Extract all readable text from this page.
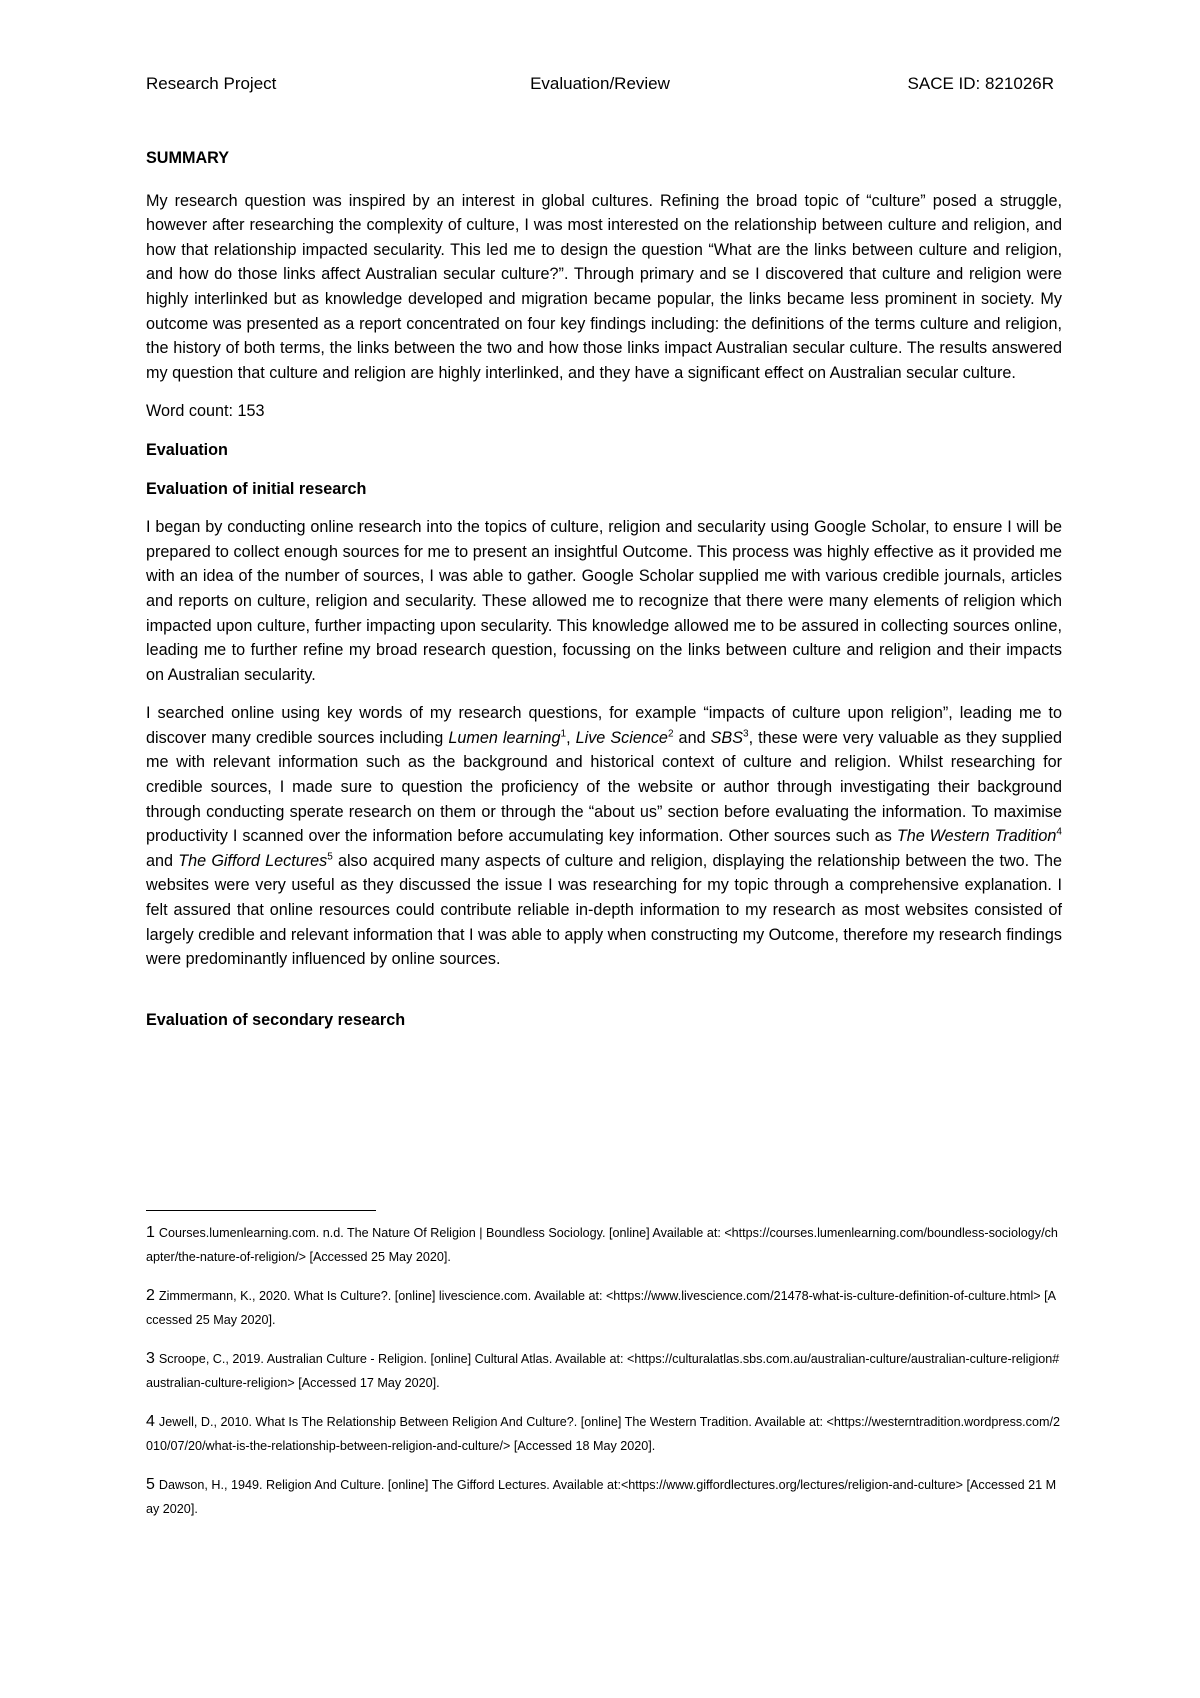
Research Project	Evaluation/Review	SACE ID: 821026R

SUMMARY

My research question was inspired by an interest in global cultures. Refining the broad topic of “culture” posed a struggle, however after researching the complexity of culture, I was most interested on the relationship between culture and religion, and how that relationship impacted secularity. This led me to design the question “What are the links between culture and religion, and how do those links affect Australian secular culture?”. Through primary and se I discovered that culture and religion were highly interlinked but as knowledge developed and migration became popular, the links became less prominent in society. My outcome was presented as a report concentrated on four key findings including: the definitions of the terms culture and religion, the history of both terms, the links between the two and how those links impact Australian secular culture. The results answered my question that culture and religion are highly interlinked, and they have a significant effect on Australian secular culture.

Word count: 153

Evaluation

Evaluation of initial research

I began by conducting online research into the topics of culture, religion and secularity using Google Scholar, to ensure I will be prepared to collect enough sources for me to present an insightful Outcome. This process was highly effective as it provided me with an idea of the number of sources, I was able to gather. Google Scholar supplied me with various credible journals, articles and reports on culture, religion and secularity. These allowed me to recognize that there were many elements of religion which impacted upon culture, further impacting upon secularity. This knowledge allowed me to be assured in collecting sources online, leading me to further refine my broad research question, focussing on the links between culture and religion and their impacts on Australian secularity.

I searched online using key words of my research questions, for example “impacts of culture upon religion”, leading me to discover many credible sources including Lumen learning$^1$, Live Science$^2$ and SBS$^3$, these were very valuable as they supplied me with relevant information such as the background and historical context of culture and religion. Whilst researching for credible sources, I made sure to question the proficiency of the website or author through investigating their background through conducting sperate research on them or through the “about us” section before evaluating the information. To maximise productivity I scanned over the information before accumulating key information. Other sources such as The Western Tradition$^4$ and The Gifford Lectures$^5$ also acquired many aspects of culture and religion, displaying the relationship between the two. The websites were very useful as they discussed the issue I was researching for my topic through a comprehensive explanation. I felt assured that online resources could contribute reliable in-depth information to my research as most websites consisted of largely credible and relevant information that I was able to apply when constructing my Outcome, therefore my research findings were predominantly influenced by online sources.

Evaluation of secondary research

1 Courses.lumenlearning.com. n.d. The Nature Of Religion | Boundless Sociology. [online] Available at: <https://courses.lumenlearning.com/boundless-sociology/chapter/the-nature-of-religion/> [Accessed 25 May 2020].

2 Zimmermann, K., 2020. What Is Culture?. [online] livescience.com. Available at: <https://www.livescience.com/21478-what-is-culture-definition-of-culture.html> [Accessed 25 May 2020].

3 Scroope, C., 2019. Australian Culture - Religion. [online] Cultural Atlas. Available at: <https://culturalatlas.sbs.com.au/australian-culture/australian-culture-religion#australian-culture-religion> [Accessed 17 May 2020].

4 Jewell, D., 2010. What Is The Relationship Between Religion And Culture?. [online] The Western Tradition. Available at: <https://westerntradition.wordpress.com/2010/07/20/what-is-the-relationship-between-religion-and-culture/> [Accessed 18 May 2020].

5 Dawson, H., 1949. Religion And Culture. [online] The Gifford Lectures. Available at:<https://www.giffordlectures.org/lectures/religion-and-culture> [Accessed 21 May 2020].
